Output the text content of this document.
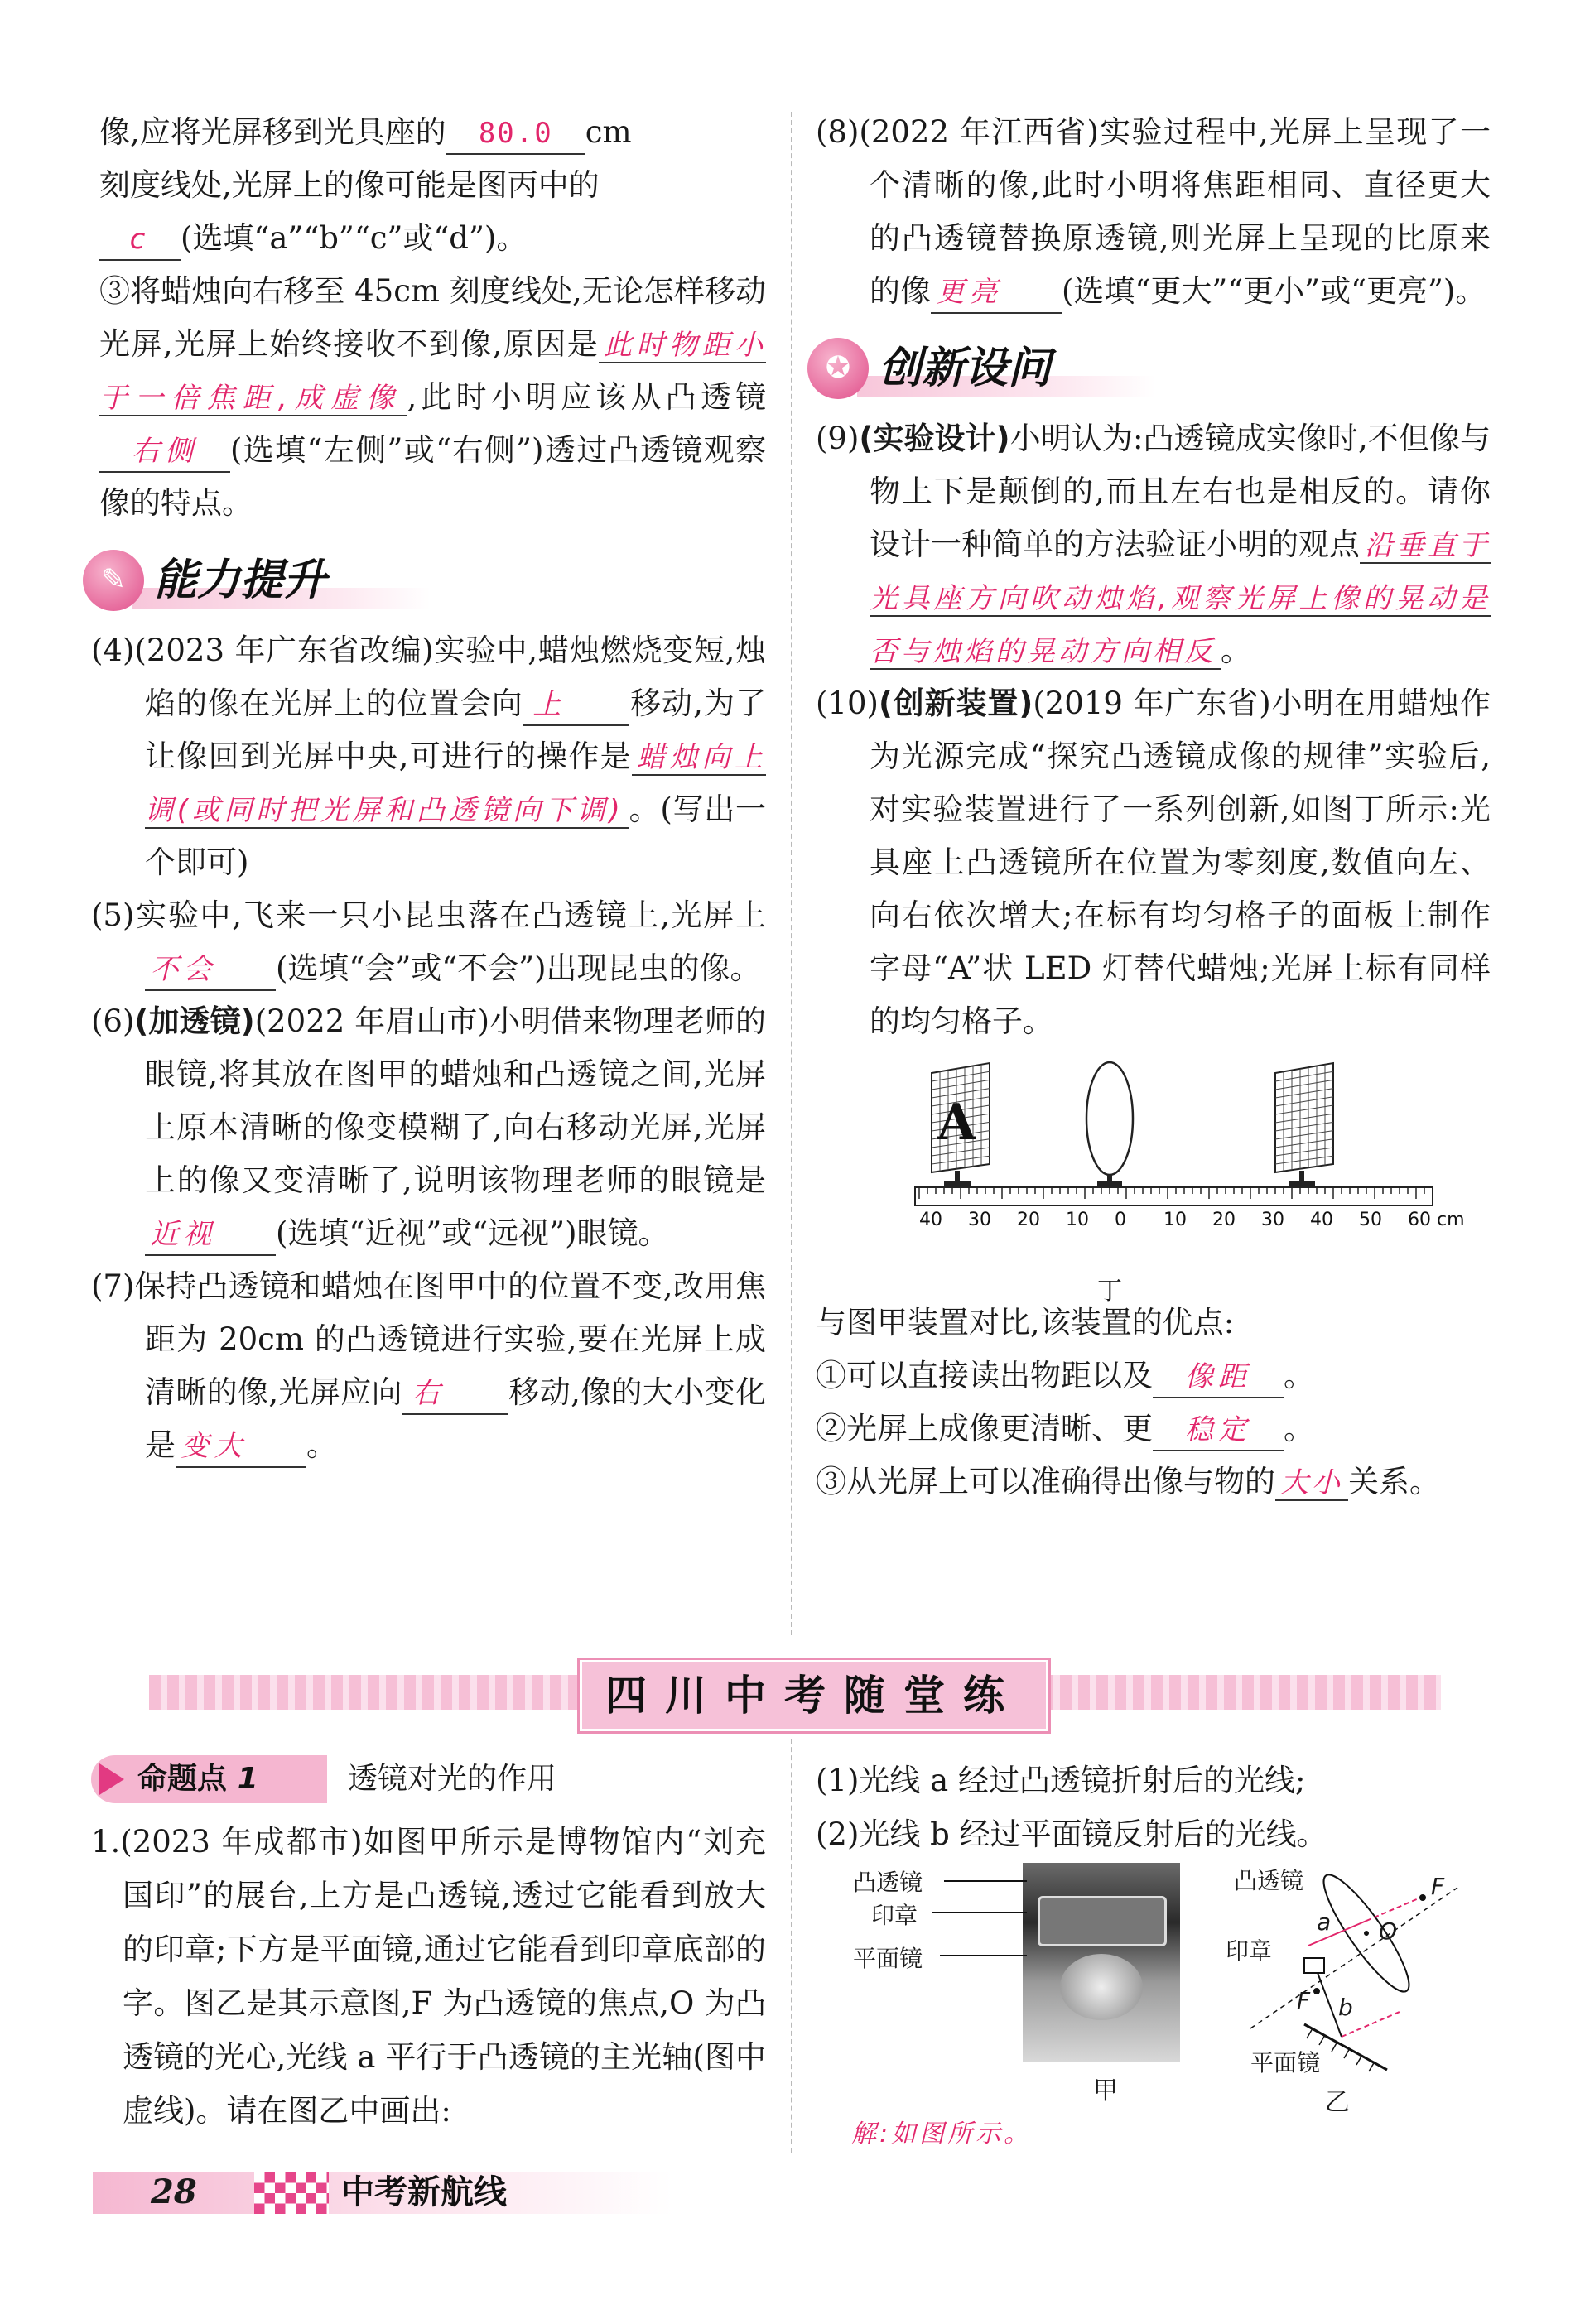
像,应将光屏移到光具座的 80.0 cm

刻度线处,光屏上的像可能是图丙中的

c (选填“a”“b”“c”或“d”)。

③将蜡烛向右移至 45cm 刻度线处,无论怎样移动光屏,光屏上始终接收不到像,原因是 此时物距小于一倍焦距,成虚像 ,此时小明应该从凸透镜右侧 (选填“左侧”或“右侧”)透过凸透镜观察像的特点。

✎ 能力提升

(4)(2023 年广东省改编)实验中,蜡烛燃烧变短,烛焰的像在光屏上的位置会向 上 移动,为了让像回到光屏中央,可进行的操作是 蜡烛向上调(或同时把光屏和凸透镜向下调) 。(写出一个即可)

(5)实验中,飞来一只小昆虫落在凸透镜上,光屏上不会 (选填“会”或“不会”)出现昆虫的像。

(6)(加透镜)(2022 年眉山市)小明借来物理老师的眼镜,将其放在图甲的蜡烛和凸透镜之间,光屏上原本清晰的像变模糊了,向右移动光屏,光屏上的像又变清晰了,说明该物理老师的眼镜是近视 (选填“近视”或“远视”)眼镜。

(7)保持凸透镜和蜡烛在图甲中的位置不变,改用焦距为 20cm 的凸透镜进行实验,要在光屏上成清晰的像,光屏应向 右 移动,像的大小变化是 变大 。

(8)(2022 年江西省)实验过程中,光屏上呈现了一个清晰的像,此时小明将焦距相同、直径更大的凸透镜替换原透镜,则光屏上呈现的比原来的像 更亮 (选填“更大”“更小”或“更亮”)。

✪ 创新设问

(9)(实验设计)小明认为:凸透镜成实像时,不但像与物上下是颠倒的,而且左右也是相反的。请你设计一种简单的方法验证小明的观点 沿垂直于光具座方向吹动烛焰,观察光屏上像的晃动是否与烛焰的晃动方向相反 。

(10)(创新装置)(2019 年广东省)小明在用蜡烛作为光源完成“探究凸透镜成像的规律”实验后,对实验装置进行了一系列创新,如图丁所示:光具座上凸透镜所在位置为零刻度,数值向左、向右依次增大;在标有均匀格子的面板上制作字母“A”状 LED 灯替代蜡烛;光屏上标有同样的均匀格子。

A
40 30 20 10 0 10 20 30 40 50 60 cm
丁

与图甲装置对比,该装置的优点:

①可以直接读出物距以及 像距 。

②光屏上成像更清晰、更 稳定 。

③从光屏上可以准确得出像与物的 大小 关系。

四川中考随堂练
命题点 1	透镜对光的作用

1.(2023 年成都市)如图甲所示是博物馆内“刘充国印”的展台,上方是凸透镜,透过它能看到放大的印章;下方是平面镜,通过它能看到印章底部的字。图乙是其示意图,F 为凸透镜的焦点,O 为凸透镜的光心,光线 a 平行于凸透镜的主光轴(图中虚线)。请在图乙中画出:

(1)光线 a 经过凸透镜折射后的光线;

(2)光线 b 经过平面镜反射后的光线。

凸透镜
印章
平面镜
甲
凸透镜
印章
平面镜
F
a O
F b
乙
解:如图所示。
28	中考新航线
